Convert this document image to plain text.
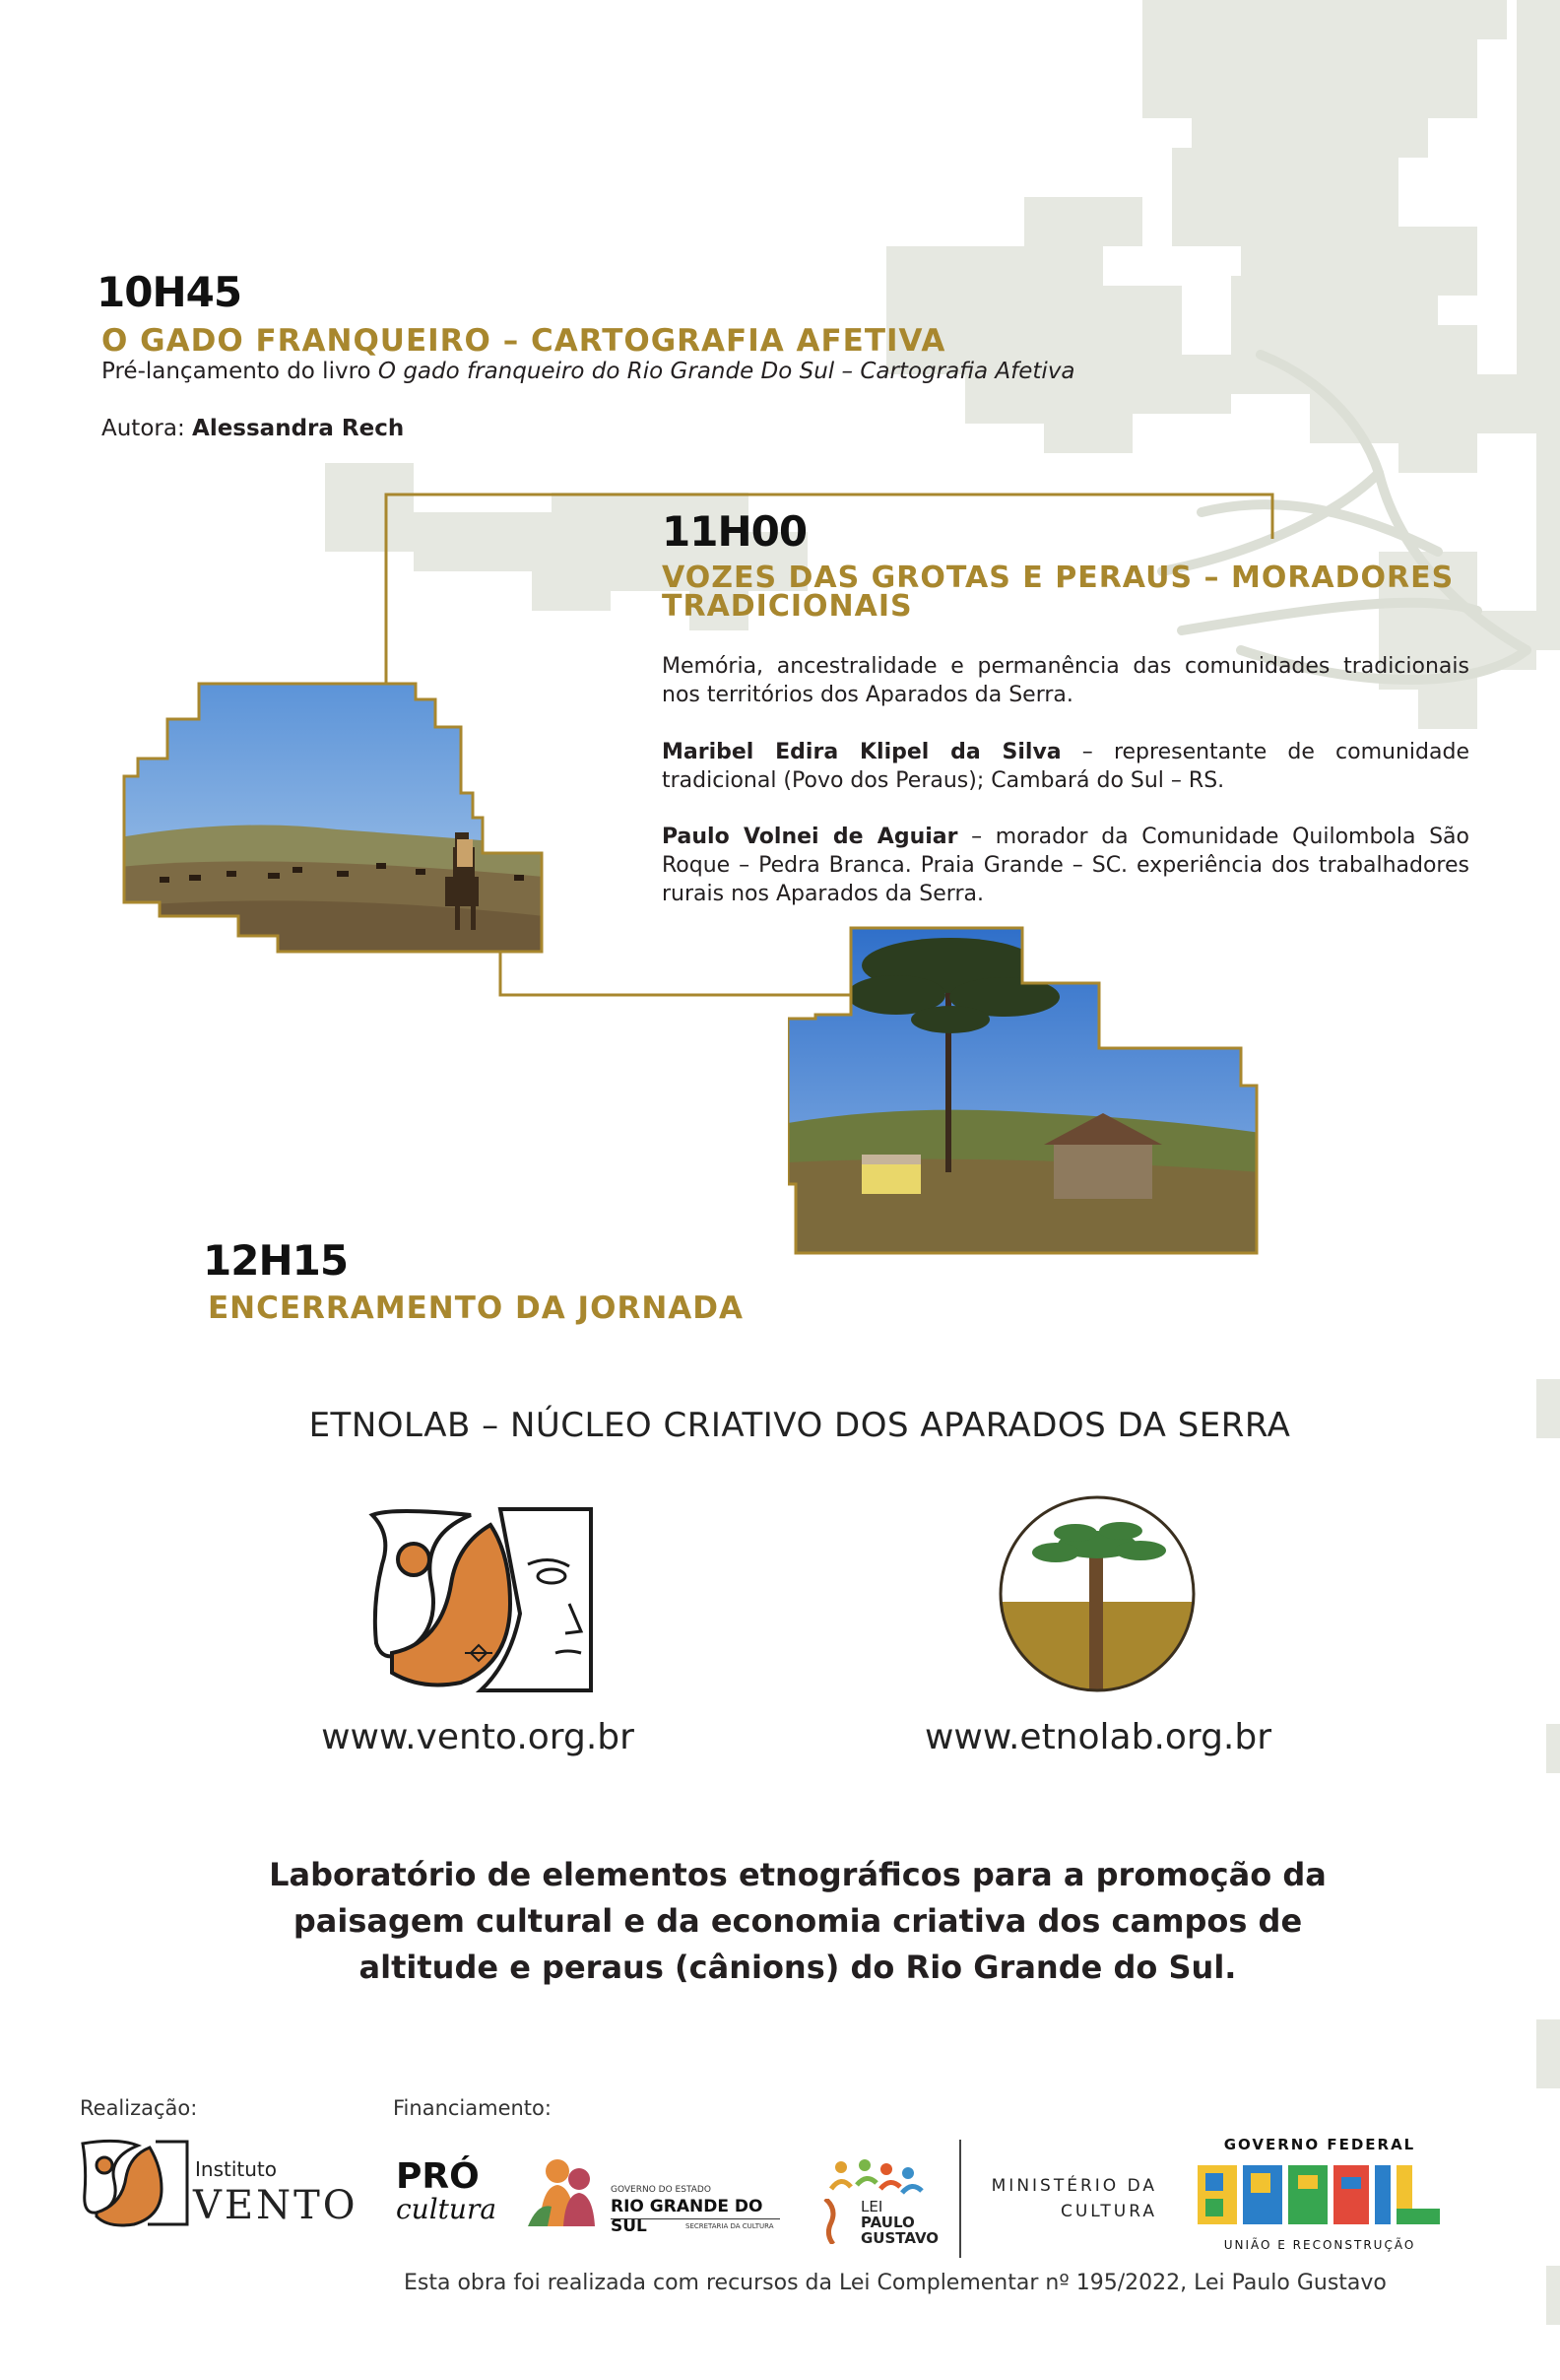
10H45
O GADO FRANQUEIRO – CARTOGRAFIA AFETIVA
Pré-lançamento do livro O gado franqueiro do Rio Grande Do Sul – Cartografia Afetiva
Autora: Alessandra Rech
11H00
VOZES DAS GROTAS E PERAUS – MORADORES TRADICIONAIS
Memória, ancestralidade e permanência das comunidades tradicionais nos territórios dos Aparados da Serra.
Maribel Edira Klipel da Silva – representante de comunidade tradicional (Povo dos Peraus); Cambará do Sul – RS.
Paulo Volnei de Aguiar – morador da Comunidade Quilombola São Roque – Pedra Branca. Praia Grande – SC. experiência dos trabalhadores rurais nos Aparados da Serra.
12H15
ENCERRAMENTO DA JORNADA
ETNOLAB – NÚCLEO CRIATIVO DOS APARADOS DA SERRA
www.vento.org.br	www.etnolab.org.br
Laboratório de elementos etnográficos para a promoção da paisagem cultural e da economia criativa dos campos de altitude e peraus (cânions) do Rio Grande do Sul.
Realização:	Financiamento:
Instituto
VENTO
PRÓ
cultura
GOVERNO DO ESTADO
RIO GRANDE DO SUL	SECRETARIA DA CULTURA
LEI
PAULO
GUSTAVO
MINISTÉRIO DA
CULTURA
GOVERNO FEDERAL
UNIÃO E RECONSTRUÇÃO
Esta obra foi realizada com recursos da Lei Complementar nº 195/2022, Lei Paulo Gustavo
